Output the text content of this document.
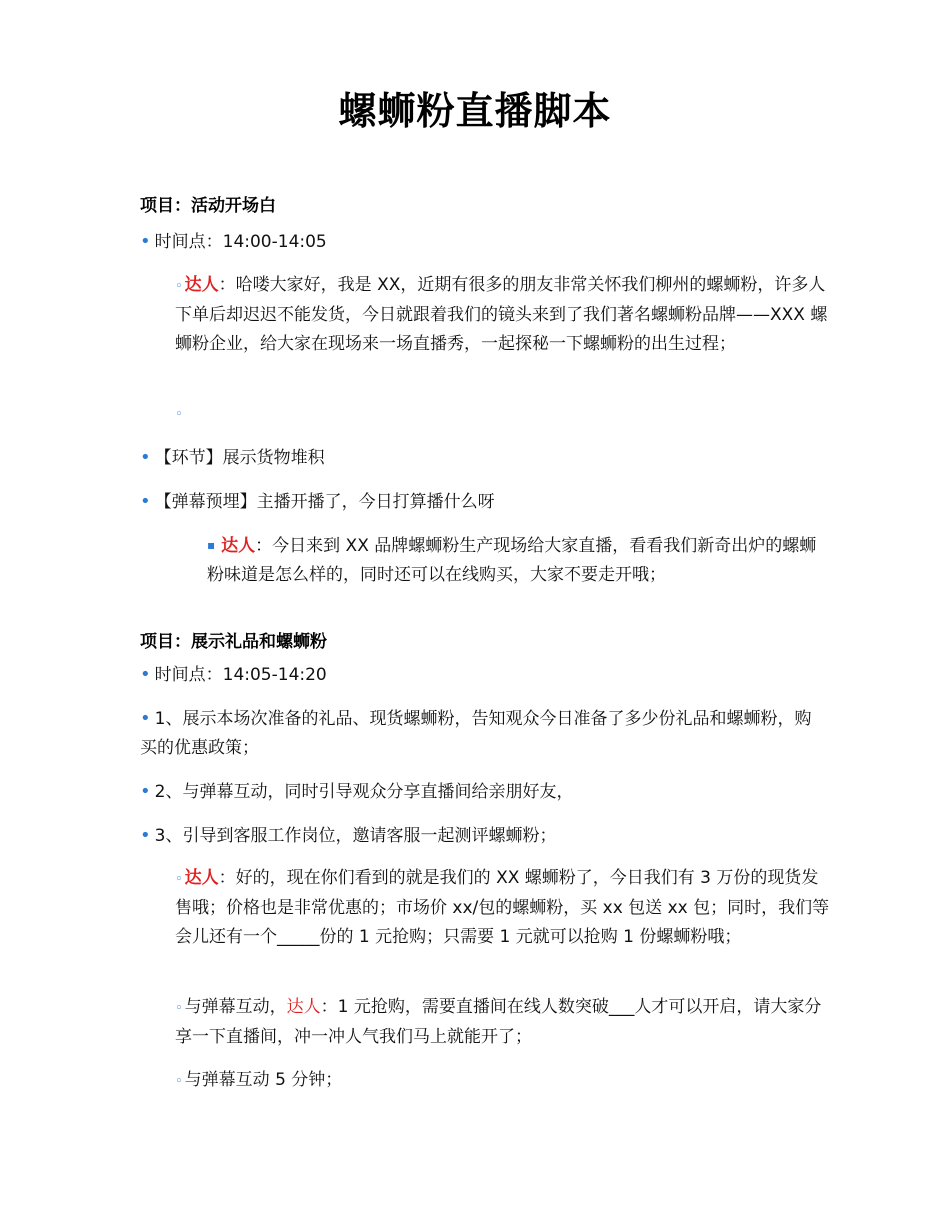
螺蛳粉直播脚本
项目：活动开场白
• 时间点：14:00-14:05
◦ 达人：哈喽大家好，我是 XX，近期有很多的朋友非常关怀我们柳州的螺蛳粉，许多人下单后却迟迟不能发货，今日就跟着我们的镜头来到了我们著名螺蛳粉品牌——XXX 螺蛳粉企业，给大家在现场来一场直播秀，一起探秘一下螺蛳粉的出生过程；
◦
• 【环节】展示货物堆积
• 【弹幕预埋】主播开播了，今日打算播什么呀
▪ 达人：今日来到 XX 品牌螺蛳粉生产现场给大家直播，看看我们新奇出炉的螺蛳粉味道是怎么样的，同时还可以在线购买，大家不要走开哦；
项目：展示礼品和螺蛳粉
• 时间点：14:05-14:20
• 1、展示本场次准备的礼品、现货螺蛳粉，告知观众今日准备了多少份礼品和螺蛳粉，购买的优惠政策；
• 2、与弹幕互动，同时引导观众分享直播间给亲朋好友，
• 3、引导到客服工作岗位，邀请客服一起测评螺蛳粉；
◦ 达人：好的，现在你们看到的就是我们的 XX 螺蛳粉了，今日我们有 3 万份的现货发售哦；价格也是非常优惠的；市场价 xx/包的螺蛳粉，买 xx 包送 xx 包；同时，我们等会儿还有一个_____份的 1 元抢购；只需要 1 元就可以抢购 1 份螺蛳粉哦；
◦ 与弹幕互动，达人：1 元抢购，需要直播间在线人数突破___人才可以开启，请大家分享一下直播间，冲一冲人气我们马上就能开了；
◦ 与弹幕互动 5 分钟；
